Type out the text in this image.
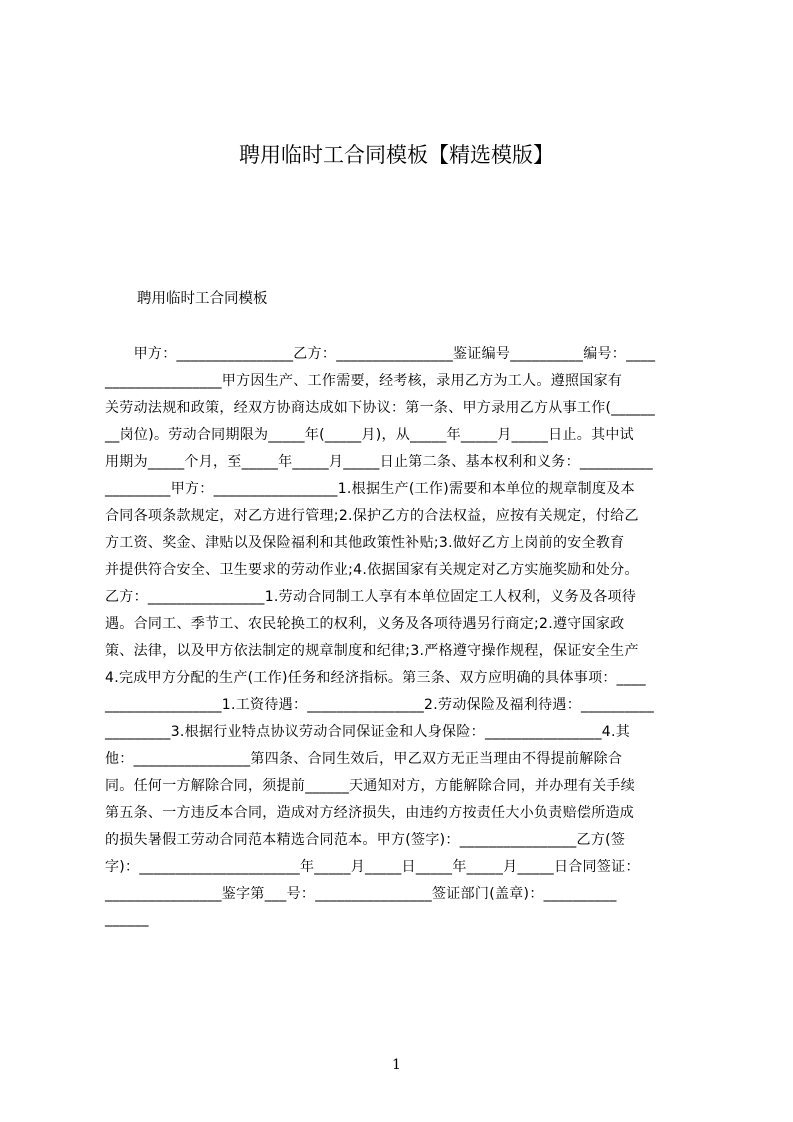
聘用临时工合同模板【精选模版】
聘用临时工合同模板
　　甲方：________________乙方：________________鉴证编号__________编号：____
________________甲方因生产、工作需要，经考核，录用乙方为工人。遵照国家有
关劳动法规和政策，经双方协商达成如下协议：第一条、甲方录用乙方从事工作(______
__岗位)。劳动合同期限为_____年(_____月)，从_____年_____月_____日止。其中试
用期为_____个月，至_____年_____月_____日止第二条、基本权利和义务：__________
_________甲方：_________________1.根据生产(工作)需要和本单位的规章制度及本
合同各项条款规定，对乙方进行管理;2.保护乙方的合法权益，应按有关规定，付给乙
方工资、奖金、津贴以及保险福利和其他政策性补贴;3.做好乙方上岗前的安全教育
并提供符合安全、卫生要求的劳动作业;4.依据国家有关规定对乙方实施奖励和处分。
乙方：________________1.劳动合同制工人享有本单位固定工人权利，义务及各项待
遇。合同工、季节工、农民轮换工的权利，义务及各项待遇另行商定;2.遵守国家政
策、法律，以及甲方依法制定的规章制度和纪律;3.严格遵守操作规程，保证安全生产
4.完成甲方分配的生产(工作)任务和经济指标。第三条、双方应明确的具体事项：____
________________1.工资待遇：________________2.劳动保险及福利待遇：__________
_________3.根据行业特点协议劳动合同保证金和人身保险：________________4.其
他：________________第四条、合同生效后，甲乙双方无正当理由不得提前解除合
同。任何一方解除合同，须提前______天通知对方，方能解除合同，并办理有关手续
第五条、一方违反本合同，造成对方经济损失，由违约方按责任大小负责赔偿所造成
的损失暑假工劳动合同范本精选合同范本。甲方(签字)：________________乙方(签
字)：______________________年_____月_____日_____年_____月_____日合同签证：
________________鉴字第___号：________________签证部门(盖章)：__________
______
1
